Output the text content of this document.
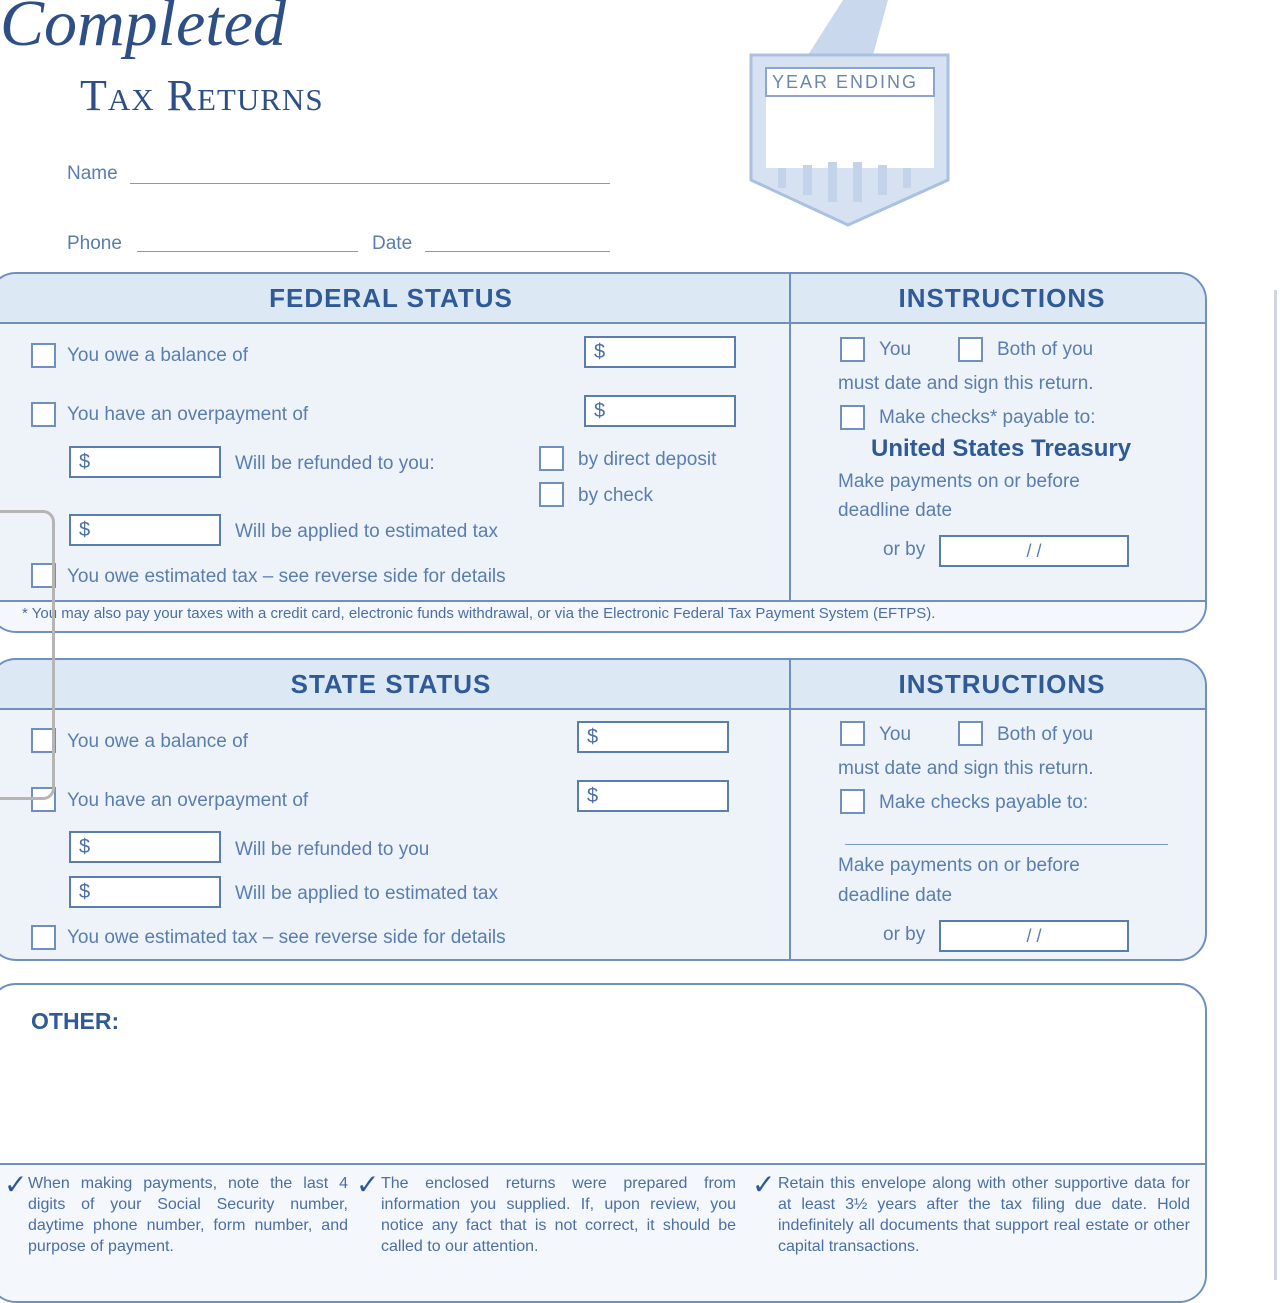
Completed
Tax Returns
Name
Phone	Date
YEAR ENDING
FEDERAL STATUS	INSTRUCTIONS
You owe a balance of	$
You have an overpayment of	$
$	Will be refunded to you:	by direct deposit
by check
$	Will be applied to estimated tax
You owe estimated tax – see reverse side for details
* You may also pay your taxes with a credit card, electronic funds withdrawal, or via the Electronic Federal Tax Payment System (EFTPS).
You	Both of you
must date and sign this return.
Make checks* payable to:
United States Treasury
Make payments on or before
deadline date
or by	/ /
STATE STATUS	INSTRUCTIONS
You owe a balance of	$
You have an overpayment of	$
$	Will be refunded to you
$	Will be applied to estimated tax
You owe estimated tax – see reverse side for details
You	Both of you
must date and sign this return.
Make checks payable to:
Make payments on or before
deadline date
or by	/ /
OTHER:
✓ When making payments, note the last 4 digits of your Social Security number, daytime phone number, form number, and purpose of payment.
✓ The enclosed returns were prepared from information you supplied. If, upon review, you notice any fact that is not correct, it should be called to our attention.
✓ Retain this envelope along with other supportive data for at least 3½ years after the tax filing due date. Hold indefinitely all documents that support real estate or other capital transactions.
